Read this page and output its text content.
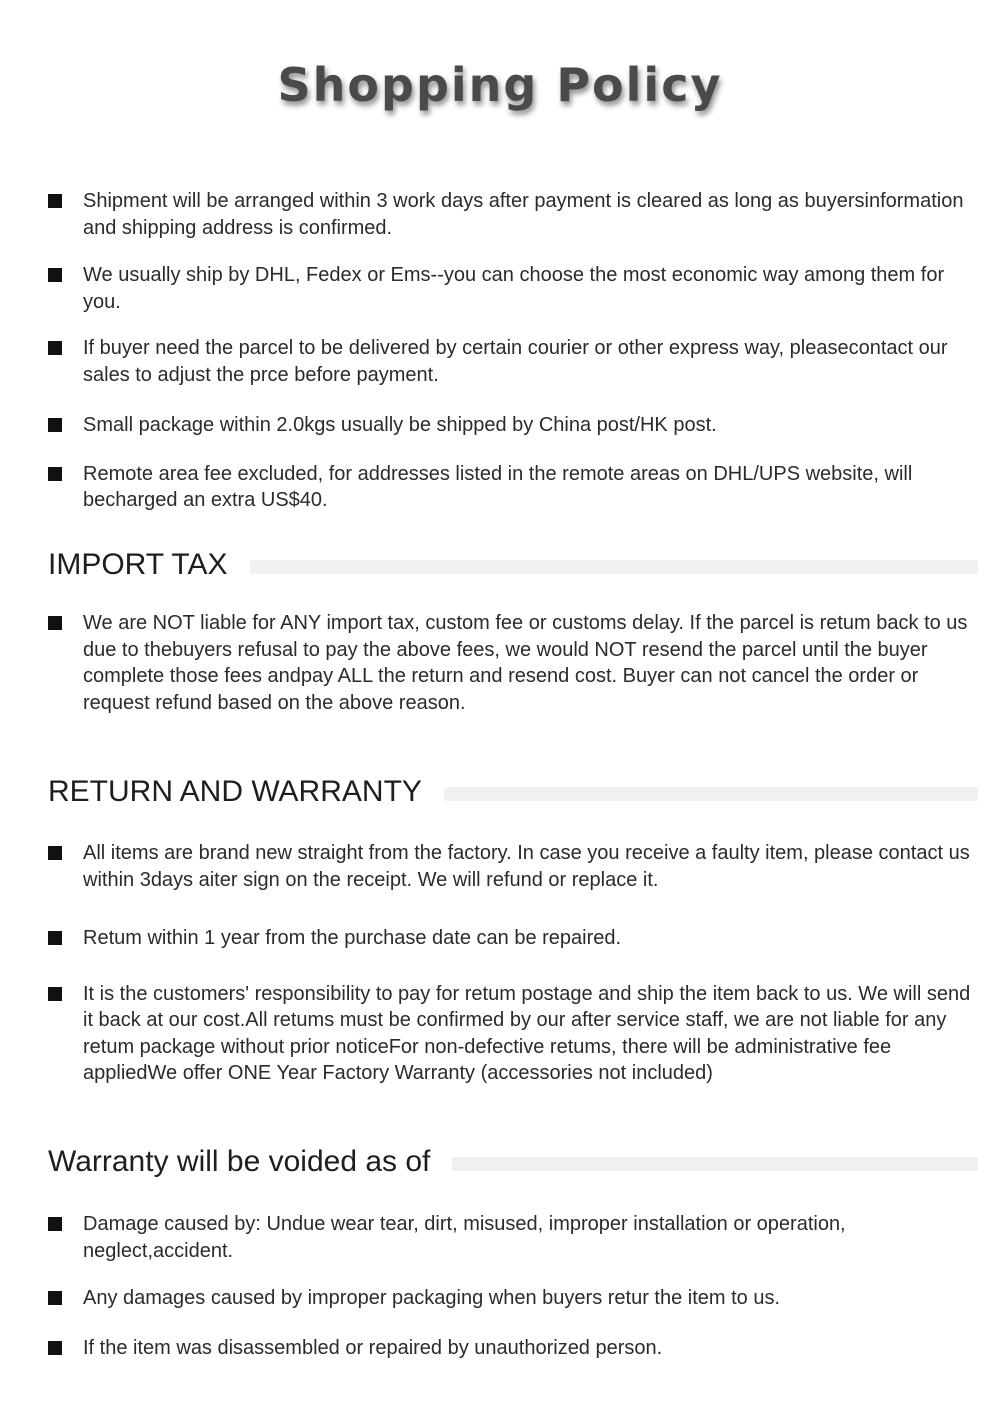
Shopping Policy
Shipment will be arranged within 3 work days after payment is cleared as long as buyersinformation and shipping address is confirmed.
We usually ship by DHL, Fedex or Ems--you can choose the most economic way among them for you.
If buyer need the parcel to be delivered by certain courier or other express way, pleasecontact our sales to adjust the prce before payment.
Small package within 2.0kgs usually be shipped by China post/HK post.
Remote area fee excluded, for addresses listed in the remote areas on DHL/UPS website, will becharged an extra US$40.
IMPORT TAX
We are NOT liable for ANY import tax, custom fee or customs delay. If the parcel is retum back to us due to thebuyers refusal to pay the above fees, we would NOT resend the parcel until the buyer complete those fees andpay ALL the return and resend cost. Buyer can not cancel the order or request refund based on the above reason.
RETURN AND WARRANTY
All items are brand new straight from the factory. In case you receive a faulty item, please contact us within 3days aiter sign on the receipt. We will refund or replace it.
Retum within 1 year from the purchase date can be repaired.
It is the customers' responsibility to pay for retum postage and ship the item back to us. We will send it back at our cost.All retums must be confirmed by our after service staff, we are not liable for any retum package without prior noticeFor non-defective retums, there will be administrative fee appliedWe offer ONE Year Factory Warranty (accessories not included)
Warranty will be voided as of
Damage caused by: Undue wear tear, dirt, misused, improper installation or operation, neglect,accident.
Any damages caused by improper packaging when buyers retur the item to us.
If the item was disassembled or repaired by unauthorized person.
